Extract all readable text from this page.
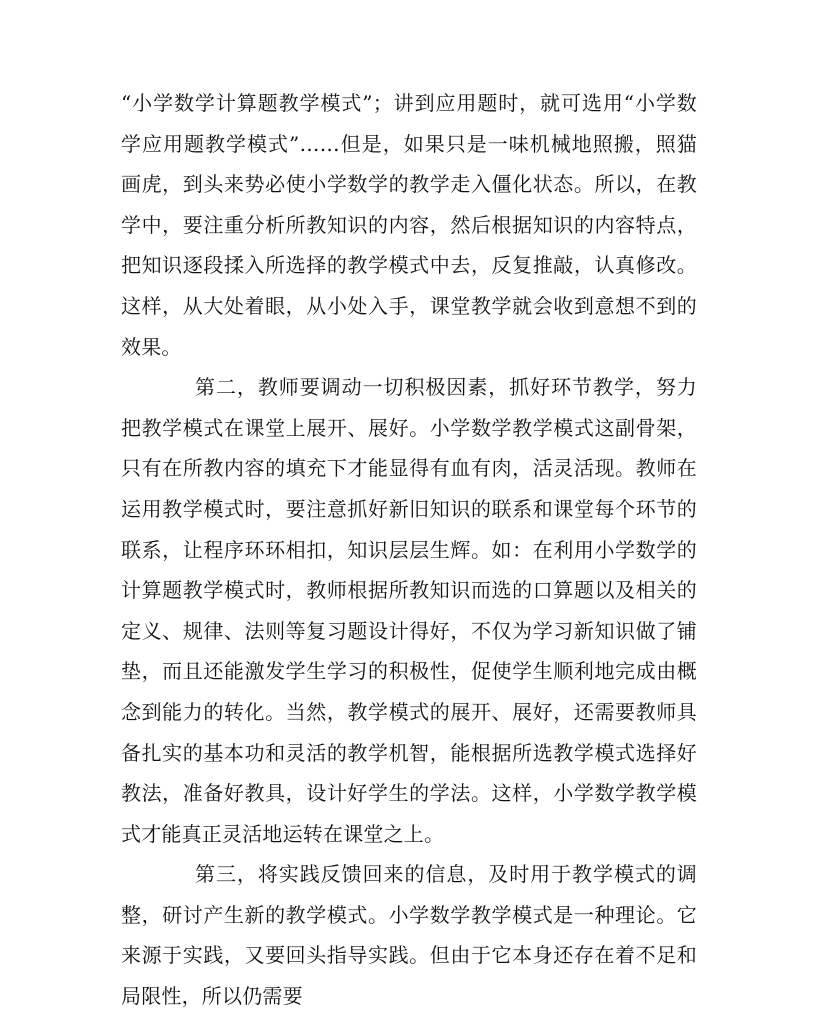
“小学数学计算题教学模式”；讲到应用题时，就可选用“小学数学应用题教学模式”……但是，如果只是一味机械地照搬，照猫画虎，到头来势必使小学数学的教学走入僵化状态。所以，在教学中，要注重分析所教知识的内容，然后根据知识的内容特点，把知识逐段揉入所选择的教学模式中去，反复推敲，认真修改。这样，从大处着眼，从小处入手，课堂教学就会收到意想不到的效果。

第二，教师要调动一切积极因素，抓好环节教学，努力把教学模式在课堂上展开、展好。小学数学教学模式这副骨架，只有在所教内容的填充下才能显得有血有肉，活灵活现。教师在运用教学模式时，要注意抓好新旧知识的联系和课堂每个环节的联系，让程序环环相扣，知识层层生辉。如：在利用小学数学的计算题教学模式时，教师根据所教知识而选的口算题以及相关的定义、规律、法则等复习题设计得好，不仅为学习新知识做了铺垫，而且还能激发学生学习的积极性，促使学生顺利地完成由概念到能力的转化。当然，教学模式的展开、展好，还需要教师具备扎实的基本功和灵活的教学机智，能根据所选教学模式选择好教法，准备好教具，设计好学生的学法。这样，小学数学教学模式才能真正灵活地运转在课堂之上。

第三，将实践反馈回来的信息，及时用于教学模式的调整，研讨产生新的教学模式。小学数学教学模式是一种理论。它来源于实践，又要回头指导实践。但由于它本身还存在着不足和局限性，所以仍需要
